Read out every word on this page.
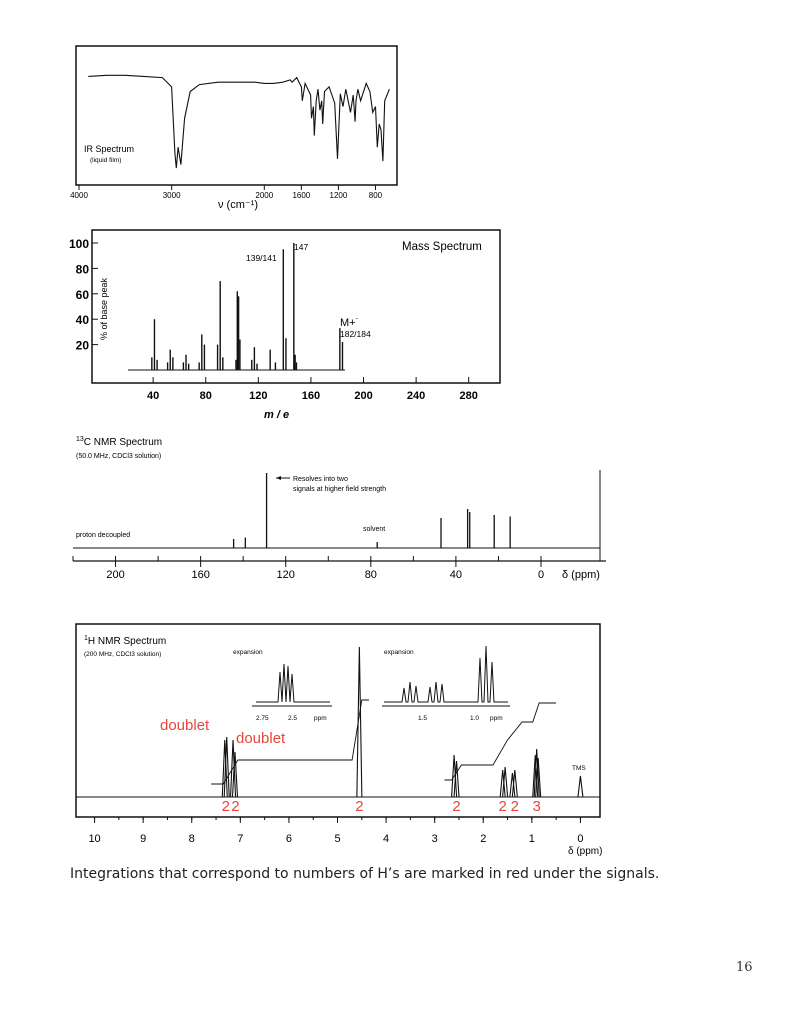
IR Spectrum
(liquid film)
4000	3000	2000 1600 1200	800
ν (cm⁻¹)
Mass Spectrum
100
80
60
40
20
40	80	120	160	200	240	280
% of base peak
m / e
147
139/141
M+˙
182/184
$^{13}$C NMR Spectrum
(50.0 MHz, CDCl3 solution)
200	160	120	80	40	0 δ (ppm)
Resolves into two
signals at higher field strength
solvent
proton decoupled
$^1$H NMR Spectrum
(200 MHz, CDCl3 solution)	expansion
2.75	2.5	ppm
expansion
1.5	1.0 ppm
TMS
doublet
doublet
2 2	2	2	2 2 3
10	9	8	7	6	5	4	3	2	1	0
δ (ppm)
Integrations that correspond to numbers of H’s are marked in red under the signals.
16
